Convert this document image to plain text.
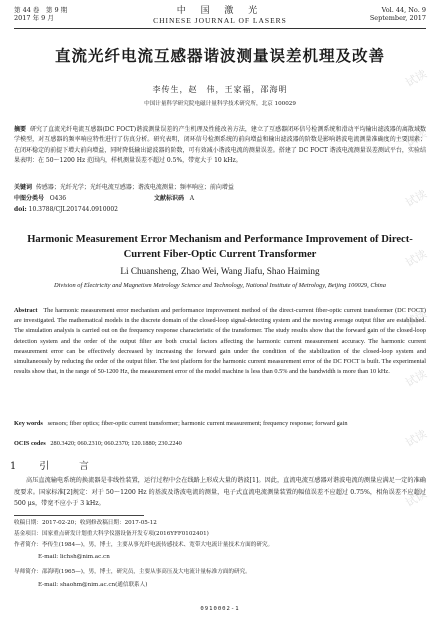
试读
试读
试读
试读
试读
试读
试读
试读
第 44 卷　第 9 期
2017 年 9 月
中 国 激 光
CHINESE JOURNAL OF LASERS
Vol. 44, No. 9
September, 2017
直流光纤电流互感器谐波测量误差机理及改善
李传生，赵　伟，王家福，邵海明
中国计量科学研究院电磁计量科学技术研究所，北京 100029
摘要 研究了直流光纤电流互感器(DC FOCT)谐波测量误差的产生机理及性能改善方法，建立了互感器闭环信号检测系统和滑动平均输出滤波器的离散域数学模型，对互感器的频率响应特性进行了仿真分析。研究表明，闭环信号检测系统的前向增益和输出滤波器的阶数是影响谐波电流测量准确度的主要因素；在闭环稳定的前提下增大前向增益，同时降低输出滤波器的阶数，可有效减小谐波电流的测量误差。搭建了 DC FOCT 谐波电流测量误差测试平台，实验结果表明：在 50～1200 Hz 范围内，样机测量误差不超过 0.5%，带宽大于 10 kHz。
关键词 传感器；光纤光学；光纤电流互感器；谐波电流测量；频率响应；前向增益
中图分类号 O436	文献标识码 A
doi: 10.3788/CJL201744.0910002
Harmonic Measurement Error Mechanism and Performance Improvement of Direct-Current Fiber-Optic Current Transformer
Li Chuansheng, Zhao Wei, Wang Jiafu, Shao Haiming
Division of Electricity and Magnetism Metrology Science and Technology, National Institute of Metrology, Beijing 100029, China
Abstract The harmonic measurement error mechanism and performance improvement method of the direct-current fiber-optic current transformer (DC FOCT) are investigated. The mathematical models in the discrete domain of the closed-loop signal-detecting system and the moving average output filter are established. The simulation analysis is carried out on the frequency response characteristic of the transformer. The study results show that the forward gain of the closed-loop detection system and the order of the output filter are both crucial factors affecting the harmonic current measurement accuracy. The harmonic current measurement error can be effectively decreased by increasing the forward gain under the condition of the stabilization of the closed-loop system and simultaneously by reducing the order of the output filter. The test platform for the harmonic current measurement error of the DC FOCT is built. The experimental results show that, in the range of 50-1200 Hz, the measurement error of the model machine is less than 0.5% and the bandwidth is more than 10 kHz.
Key words sensors; fiber optics; fiber-optic current transformer; harmonic current measurement; frequency response; forward gain
OCIS codes 280.3420; 060.2310; 060.2370; 120.1880; 230.2240
1 引　言
高压直流输电系统的换流器是非线性装置，运行过程中会在线路上形成大量的谐波[1]。因此，直流电流互感器对谐波电流的测量应满足一定的准确度要求。国家标准[2]规定：对于 50～1200 Hz 的基波及谐波电流的测量，电子式直流电流测量装置的幅值误差不应超过 0.75%，相角误差不应超过 500 μs，带宽不应小于 3 kHz。
收稿日期：2017-02-20；收到修改稿日期：2017-05-12
基金项目：国家重点研发计划重大科学仪器设备开发专项(2016YFF0102401)
作者简介：李传生(1984—)，男，博士，主要从事光纤电流传感技术、宽带大电流计量技术方面的研究。
E-mail: lichsh@nim.ac.cn
导师简介：邵海明(1965—)，男，博士，研究员，主要从事高压及大电流计量标准方面的研究。
E-mail: shaohm@nim.ac.cn(通信联系人)
0910002-1
